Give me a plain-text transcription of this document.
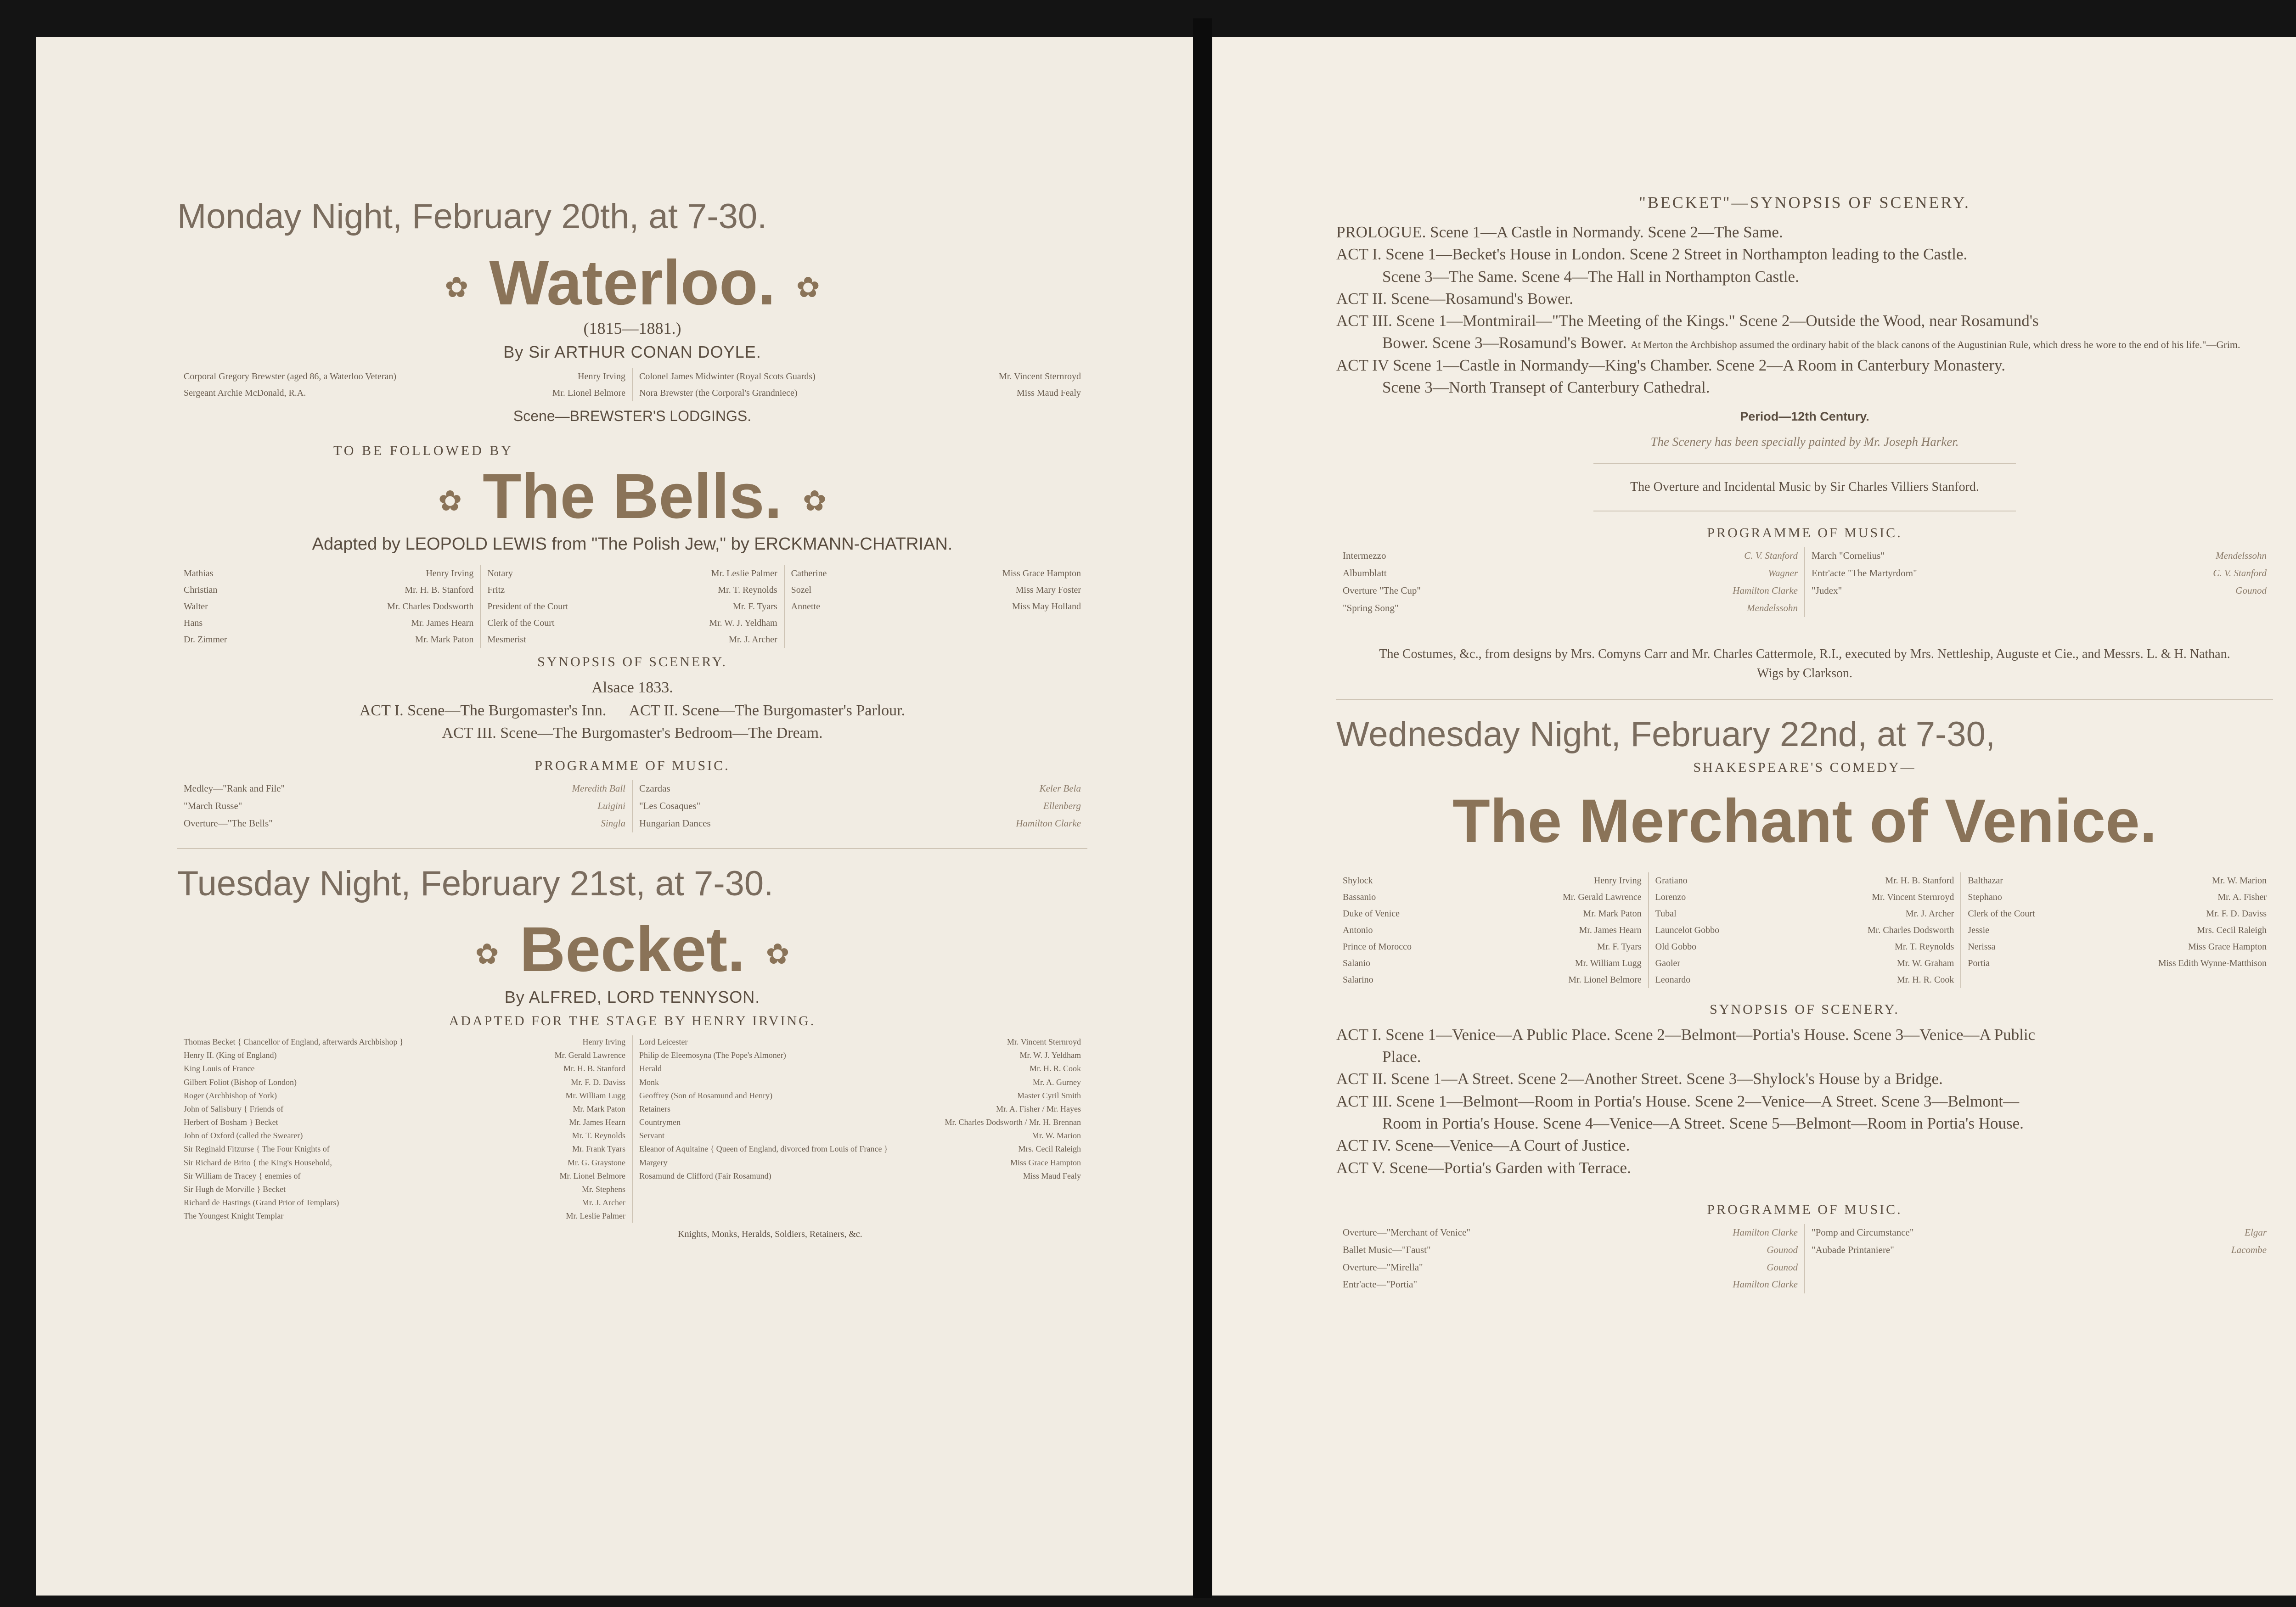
Monday Night, February 20th, at 7-30.
✿ Waterloo. ✿
(1815—1881.)
By Sir ARTHUR CONAN DOYLE.
Corporal Gregory Brewster (aged 86, a Waterloo Veteran)	Henry Irving
Sergeant Archie McDonald, R.A.	Mr. Lionel Belmore
Colonel James Midwinter (Royal Scots Guards)	Mr. Vincent Sternroyd
Nora Brewster (the Corporal's Grandniece)	Miss Maud Fealy
Scene—BREWSTER'S LODGINGS.
TO BE FOLLOWED BY
✿ The Bells. ✿
Adapted by LEOPOLD LEWIS from "The Polish Jew," by ERCKMANN-CHATRIAN.
Mathias	Henry Irving
Christian	Mr. H. B. Stanford
Walter	Mr. Charles Dodsworth
Hans	Mr. James Hearn
Dr. Zimmer	Mr. Mark Paton
Notary	Mr. Leslie Palmer
Fritz	Mr. T. Reynolds
President of the Court	Mr. F. Tyars
Clerk of the Court	Mr. W. J. Yeldham
Mesmerist	Mr. J. Archer
Catherine	Miss Grace Hampton
Sozel	Miss Mary Foster
Annette	Miss May Holland
SYNOPSIS OF SCENERY.
Alsace 1833.
ACT I. Scene—The Burgomaster's Inn. ACT II. Scene—The Burgomaster's Parlour.
ACT III. Scene—The Burgomaster's Bedroom—The Dream.
PROGRAMME OF MUSIC.
Medley—"Rank and File"	Meredith Ball
"March Russe"	Luigini
Overture—"The Bells"	Singla
Czardas	Keler Bela
"Les Cosaques"	Ellenberg
Hungarian Dances	Hamilton Clarke
Tuesday Night, February 21st, at 7-30.
✿ Becket. ✿
By ALFRED, LORD TENNYSON.
ADAPTED FOR THE STAGE BY HENRY IRVING.
Thomas Becket { Chancellor of England, afterwards Archbishop }	Henry Irving
Henry II. (King of England)	Mr. Gerald Lawrence
King Louis of France	Mr. H. B. Stanford
Gilbert Foliot (Bishop of London)	Mr. F. D. Daviss
Roger (Archbishop of York)	Mr. William Lugg
John of Salisbury { Friends of	Mr. Mark Paton
Herbert of Bosham } Becket	Mr. James Hearn
John of Oxford (called the Swearer)	Mr. T. Reynolds
Sir Reginald Fitzurse { The Four Knights of	Mr. Frank Tyars
Sir Richard de Brito { the King's Household,	Mr. G. Graystone
Sir William de Tracey { enemies of	Mr. Lionel Belmore
Sir Hugh de Morville } Becket	Mr. Stephens
Richard de Hastings (Grand Prior of Templars)	Mr. J. Archer
The Youngest Knight Templar	Mr. Leslie Palmer
Lord Leicester	Mr. Vincent Sternroyd
Philip de Eleemosyna (The Pope's Almoner)	Mr. W. J. Yeldham
Herald	Mr. H. R. Cook
Monk	Mr. A. Gurney
Geoffrey (Son of Rosamund and Henry)	Master Cyril Smith
Retainers	Mr. A. Fisher / Mr. Hayes
Countrymen	Mr. Charles Dodsworth / Mr. H. Brennan
Servant	Mr. W. Marion
Eleanor of Aquitaine { Queen of England, divorced from Louis of France }	Mrs. Cecil Raleigh
Margery	Miss Grace Hampton
Rosamund de Clifford (Fair Rosamund)	Miss Maud Fealy
Knights, Monks, Heralds, Soldiers, Retainers, &c.
"BECKET"—SYNOPSIS OF SCENERY.
PROLOGUE. Scene 1—A Castle in Normandy. Scene 2—The Same.
ACT I. Scene 1—Becket's House in London. Scene 2 Street in Northampton leading to the Castle.
Scene 3—The Same. Scene 4—The Hall in Northampton Castle.
ACT II. Scene—Rosamund's Bower.
ACT III. Scene 1—Montmirail—"The Meeting of the Kings." Scene 2—Outside the Wood, near Rosamund's
Bower. Scene 3—Rosamund's Bower. At Merton the Archbishop assumed the ordinary habit of the black canons of the Augustinian Rule, which dress he wore to the end of his life."—Grim.
ACT IV Scene 1—Castle in Normandy—King's Chamber. Scene 2—A Room in Canterbury Monastery.
Scene 3—North Transept of Canterbury Cathedral.
Period—12th Century.
The Scenery has been specially painted by Mr. Joseph Harker.
The Overture and Incidental Music by Sir Charles Villiers Stanford.
PROGRAMME OF MUSIC.
Intermezzo	C. V. Stanford
Albumblatt	Wagner
Overture "The Cup"	Hamilton Clarke
"Spring Song"	Mendelssohn
March "Cornelius"	Mendelssohn
Entr'acte "The Martyrdom"	C. V. Stanford
"Judex"	Gounod
The Costumes, &c., from designs by Mrs. Comyns Carr and Mr. Charles Cattermole, R.I., executed by Mrs. Nettleship, Auguste et Cie., and Messrs. L. & H. Nathan. Wigs by Clarkson.
Wednesday Night, February 22nd, at 7-30,
SHAKESPEARE'S COMEDY—
The Merchant of Venice.
Shylock	Henry Irving
Bassanio	Mr. Gerald Lawrence
Duke of Venice	Mr. Mark Paton
Antonio	Mr. James Hearn
Prince of Morocco	Mr. F. Tyars
Salanio	Mr. William Lugg
Salarino	Mr. Lionel Belmore
Gratiano	Mr. H. B. Stanford
Lorenzo	Mr. Vincent Sternroyd
Tubal	Mr. J. Archer
Launcelot Gobbo	Mr. Charles Dodsworth
Old Gobbo	Mr. T. Reynolds
Gaoler	Mr. W. Graham
Leonardo	Mr. H. R. Cook
Balthazar	Mr. W. Marion
Stephano	Mr. A. Fisher
Clerk of the Court	Mr. F. D. Daviss
Jessie	Mrs. Cecil Raleigh
Nerissa	Miss Grace Hampton
Portia	Miss Edith Wynne-Matthison
SYNOPSIS OF SCENERY.
ACT I. Scene 1—Venice—A Public Place. Scene 2—Belmont—Portia's House. Scene 3—Venice—A Public
Place.
ACT II. Scene 1—A Street. Scene 2—Another Street. Scene 3—Shylock's House by a Bridge.
ACT III. Scene 1—Belmont—Room in Portia's House. Scene 2—Venice—A Street. Scene 3—Belmont—
Room in Portia's House. Scene 4—Venice—A Street. Scene 5—Belmont—Room in Portia's House.
ACT IV. Scene—Venice—A Court of Justice.
ACT V. Scene—Portia's Garden with Terrace.
PROGRAMME OF MUSIC.
Overture—"Merchant of Venice"	Hamilton Clarke
Ballet Music—"Faust"	Gounod
Overture—"Mirella"	Gounod
Entr'acte—"Portia"	Hamilton Clarke
"Pomp and Circumstance"	Elgar
"Aubade Printaniere"	Lacombe
